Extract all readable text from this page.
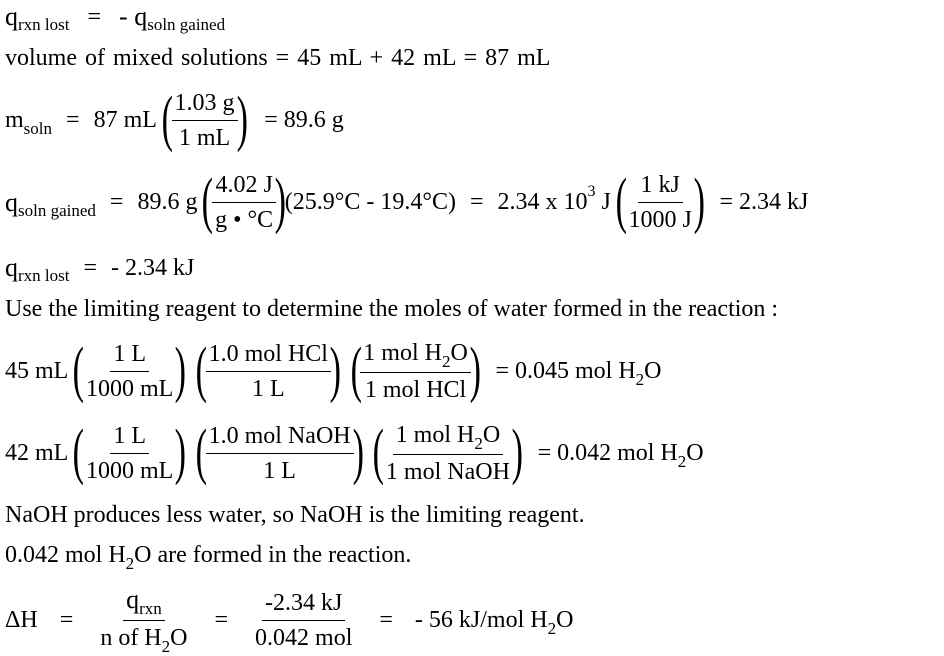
q rxn lost = - q soln gained
volume of mixed solutions = 45 mL + 42 mL = 87 mL
m soln = 87 mL (
$\frac{1.03 g}{1 mL}$
) = 89.6 g
q soln gained = 89.6 g (
$\frac{4.02 J}{g • ^\circ C}$
)
(25.9°C - 19.4°C) = 2.34 x 10 3 J (
$\frac{1 kJ}{1000 J}$
) = 2.34 kJ
q rxn lost = - 2.34 kJ
Use the limiting reagent to determine the moles of water formed in the reaction :
45 mL (
$\frac{1 L}{1000 mL}$
) (
$\frac{\text{1.0 mol HCl}}{1 L}$
) (
$\frac{1 mol H_2O}{\text{1 mol HCl}}$
) = 0.045 mol $H_2O$
42 mL (
$\frac{1 L}{1000 mL}$
) (
$\frac{\text{1.0 mol NaOH}}{1 L}$
) (
$\frac{1 mol H_2O}{\text{1 mol NaOH}}$
) = 0.042 mol $H_2O$
NaOH produces less water, so NaOH is the limiting reagent.
0.042 mol $H_2O$ are formed in the reaction.
$\Delta H = \frac{q_{rxn}}{n of H_2O} = \frac{-2.34 kJ}{\text{0.042 mol}}$ = - 56 kJ/mol $H_2O$
